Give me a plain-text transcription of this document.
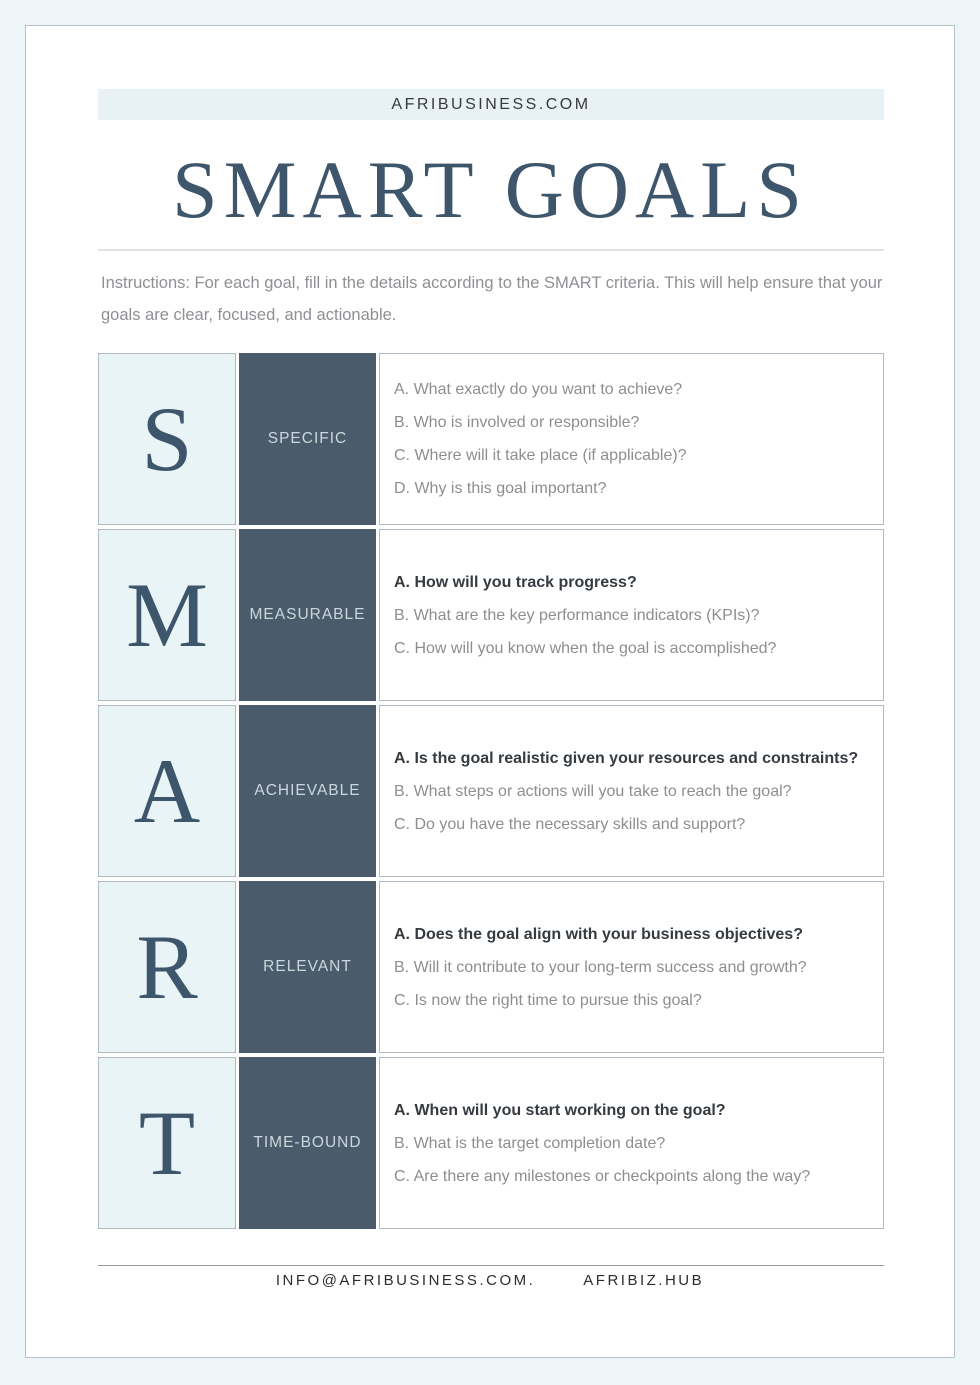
AFRIBUSINESS.COM
SMART GOALS

Instructions: For each goal, fill in the details according to the SMART criteria. This will help ensure that your goals are clear, focused, and actionable.

S	SPECIFIC
A. What exactly do you want to achieve?
B. Who is involved or responsible?
C. Where will it take place (if applicable)?
D. Why is this goal important?
M	MEASURABLE
A. How will you track progress?
B. What are the key performance indicators (KPIs)?
C. How will you know when the goal is accomplished?
A	ACHIEVABLE
A. Is the goal realistic given your resources and constraints?
B. What steps or actions will you take to reach the goal?
C. Do you have the necessary skills and support?
R	RELEVANT
A. Does the goal align with your business objectives?
B. Will it contribute to your long-term success and growth?
C. Is now the right time to pursue this goal?
T	TIME-BOUND
A. When will you start working on the goal?
B. What is the target completion date?
C. Are there any milestones or checkpoints along the way?
INFO@AFRIBUSINESS.COM.	AFRIBIZ.HUB
